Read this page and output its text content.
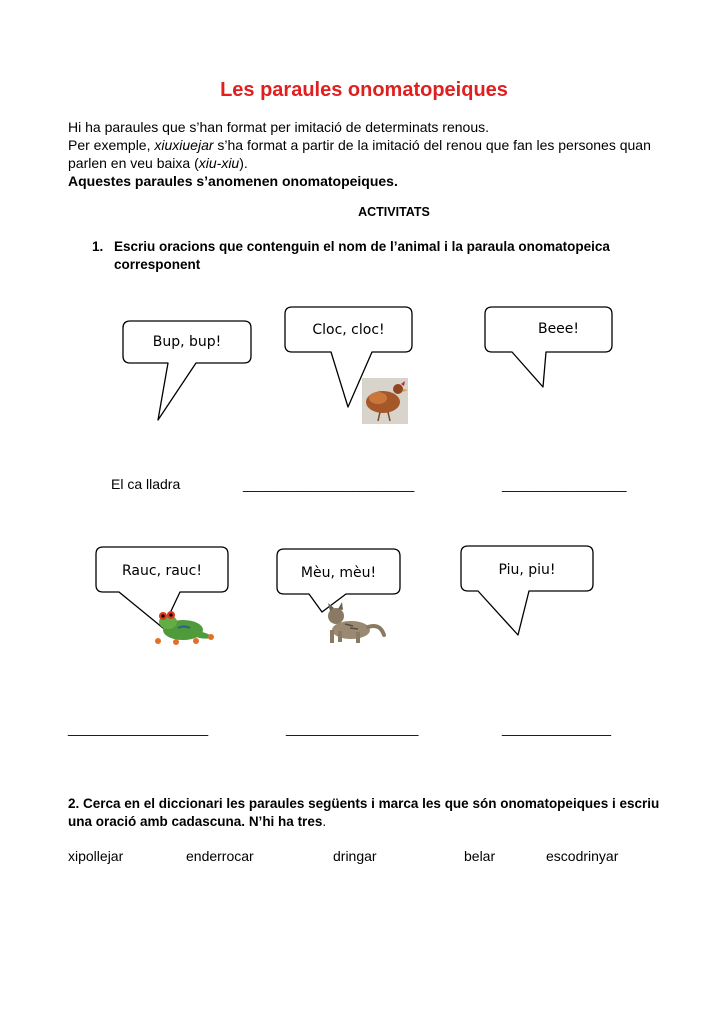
Les paraules onomatopeiques

Hi ha paraules que s’han format per imitació de determinats renous.

Per exemple, xiuxiuejar s’ha format a partir de la imitació del renou que fan les persones quan parlen en veu baixa (xiu-xiu).

Aquestes paraules s’anomenen onomatopeiques.

ACTIVITATS
1. Escriu oracions que contenguin el nom de l’animal i la paraula onomatopeica corresponent
Bup, bup!
Cloc, cloc!	Beee!
El ca lladra	______________________	________________
Rauc, rauc!	Mèu, mèu!	Piu, piu!
__________________	_________________	______________
2. Cerca en el diccionari les paraules següents i marca les que són onomatopeiques i escriu una oració amb cadascuna. N’hi ha tres.
xipollejar	enderrocar	dringar	belar	escodrinyar
